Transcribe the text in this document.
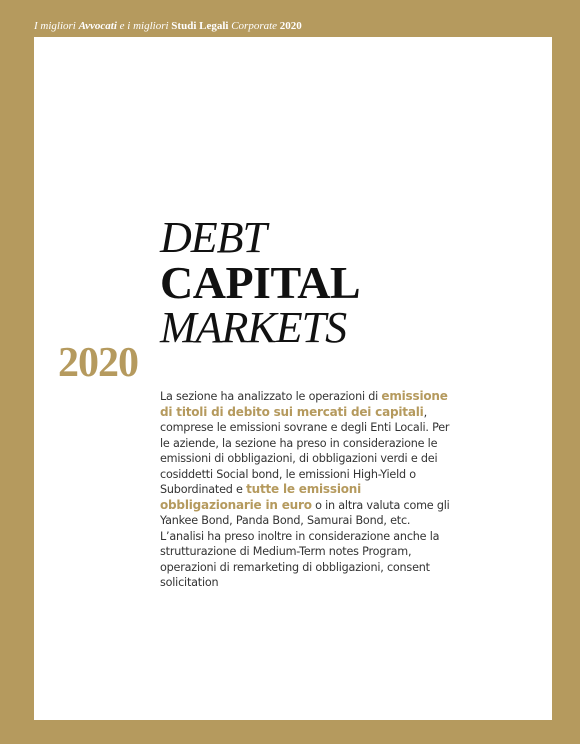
I migliori Avvocati e i migliori Studi Legali Corporate 2020
DEBT
CAPITAL
MARKETS
2020
La sezione ha analizzato le operazioni di emissione di titoli di debito sui mercati dei capitali, comprese le emissioni sovrane e degli Enti Locali. Per le aziende, la sezione ha preso in considerazione le emissioni di obbligazioni, di obbligazioni verdi e dei cosiddetti Social bond, le emissioni High-Yield o Subordinated e tutte le emissioni obbligazionarie in euro o in altra valuta come gli Yankee Bond, Panda Bond, Samurai Bond, etc. L’analisi ha preso inoltre in considerazione anche la strutturazione di Medium-Term notes Program, operazioni di remarketing di obbligazioni, consent solicitation
